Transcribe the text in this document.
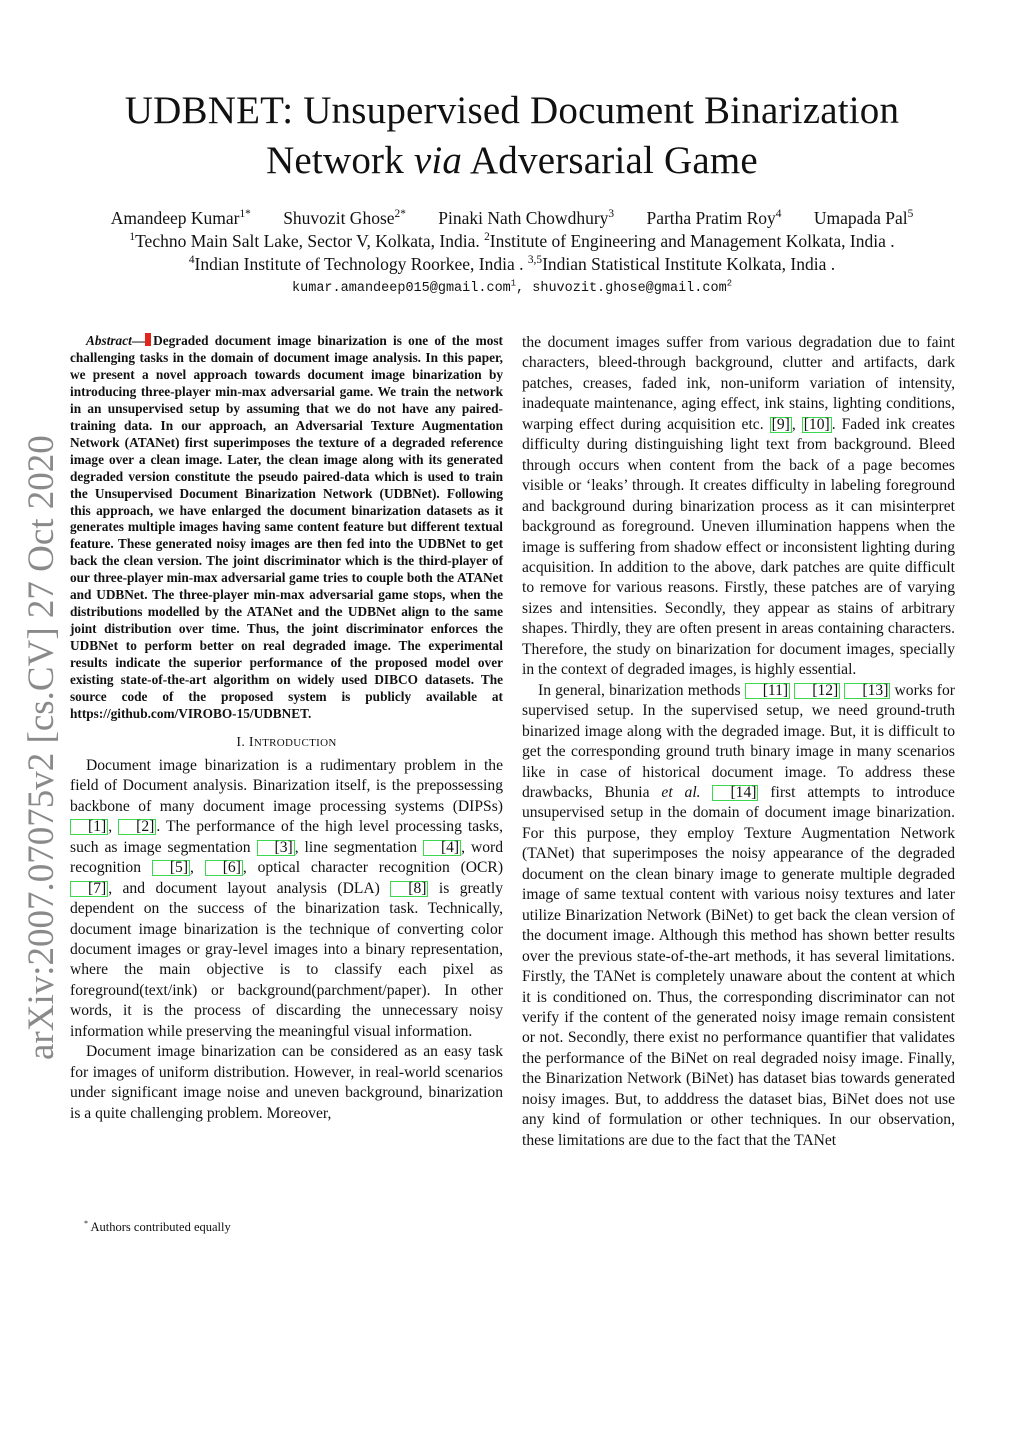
UDBNET: Unsupervised Document Binarization
Network via Adversarial Game
Amandeep Kumar$^{1*}$ Shuvozit Ghose$^{2*}$ Pinaki Nath Chowdhury$^3$ Partha Pratim Roy$^4$ Umapada Pal$^5$
$^1$Techno Main Salt Lake, Sector V, Kolkata, India. $^2$Institute of Engineering and Management Kolkata, India .
$^4$Indian Institute of Technology Roorkee, India . $^{3,5}$Indian Statistical Institute Kolkata, India .
kumar.amandeep015@gmail.com$^1$, shuvozit.ghose@gmail.com$^2$
arXiv:2007.07075v2 [cs.CV] 27 Oct 2020

Abstract— Degraded document image binarization is one of the most challenging tasks in the domain of document image analysis. In this paper, we present a novel approach towards document image binarization by introducing three-player min-max adversarial game. We train the network in an unsupervised setup by assuming that we do not have any paired-training data. In our approach, an Adversarial Texture Augmentation Network (ATANet) first superimposes the texture of a degraded reference image over a clean image. Later, the clean image along with its generated degraded version constitute the pseudo paired-data which is used to train the Unsupervised Document Binarization Network (UDBNet). Following this approach, we have enlarged the document binarization datasets as it generates multiple images having same content feature but different textual feature. These generated noisy images are then fed into the UDBNet to get back the clean version. The joint discriminator which is the third-player of our three-player min-max adversarial game tries to couple both the ATANet and UDBNet. The three-player min-max adversarial game stops, when the distributions modelled by the ATANet and the UDBNet align to the same joint distribution over time. Thus, the joint discriminator enforces the UDBNet to perform better on real degraded image. The experimental results indicate the superior performance of the proposed model over existing state-of-the-art algorithm on widely used DIBCO datasets. The source code of the proposed system is publicly available at https://github.com/VIROBO-15/UDBNET.

I. INTRODUCTION

Document image binarization is a rudimentary problem in the field of Document analysis. Binarization itself, is the prepossessing backbone of many document image processing systems (DIPSs) [1] , [2] . The performance of the high level processing tasks, such as image segmentation [3] , line segmentation [4] , word recognition [5] , [6] , optical character recognition (OCR) [7] , and document layout analysis (DLA) [8] is greatly dependent on the success of the binarization task. Technically, document image binarization is the technique of converting color document images or gray-level images into a binary representation, where the main objective is to classify each pixel as foreground(text/ink) or background(parchment/paper). In other words, it is the process of discarding the unnecessary noisy information while preserving the meaningful visual information.

Document image binarization can be considered as an easy task for images of uniform distribution. However, in real-world scenarios under significant image noise and uneven background, binarization is a quite challenging problem. Moreover,

the document images suffer from various degradation due to faint characters, bleed-through background, clutter and artifacts, dark patches, creases, faded ink, non-uniform variation of intensity, inadequate maintenance, aging effect, ink stains, lighting conditions, warping effect during acquisition etc. [9] , [10] . Faded ink creates difficulty during distinguishing light text from background. Bleed through occurs when content from the back of a page becomes visible or ‘leaks’ through. It creates difficulty in labeling foreground and background during binarization process as it can misinterpret background as foreground. Uneven illumination happens when the image is suffering from shadow effect or inconsistent lighting during acquisition. In addition to the above, dark patches are quite difficult to remove for various reasons. Firstly, these patches are of varying sizes and intensities. Secondly, they appear as stains of arbitrary shapes. Thirdly, they are often present in areas containing characters. Therefore, the study on binarization for document images, specially in the context of degraded images, is highly essential.

In general, binarization methods [11] [12] [13] works for supervised setup. In the supervised setup, we need ground-truth binarized image along with the degraded image. But, it is difficult to get the corresponding ground truth binary image in many scenarios like in case of historical document image. To address these drawbacks, Bhunia et al. [14] first attempts to introduce unsupervised setup in the domain of document image binarization. For this purpose, they employ Texture Augmentation Network (TANet) that superimposes the noisy appearance of the degraded document on the clean binary image to generate multiple degraded image of same textual content with various noisy textures and later utilize Binarization Network (BiNet) to get back the clean version of the document image. Although this method has shown better results over the previous state-of-the-art methods, it has several limitations. Firstly, the TANet is completely unaware about the content at which it is conditioned on. Thus, the corresponding discriminator can not verify if the content of the generated noisy image remain consistent or not. Secondly, there exist no performance quantifier that validates the performance of the BiNet on real degraded noisy image. Finally, the Binarization Network (BiNet) has dataset bias towards generated noisy images. But, to adddress the dataset bias, BiNet does not use any kind of formulation or other techniques. In our observation, these limitations are due to the fact that the TANet

* Authors contributed equally
